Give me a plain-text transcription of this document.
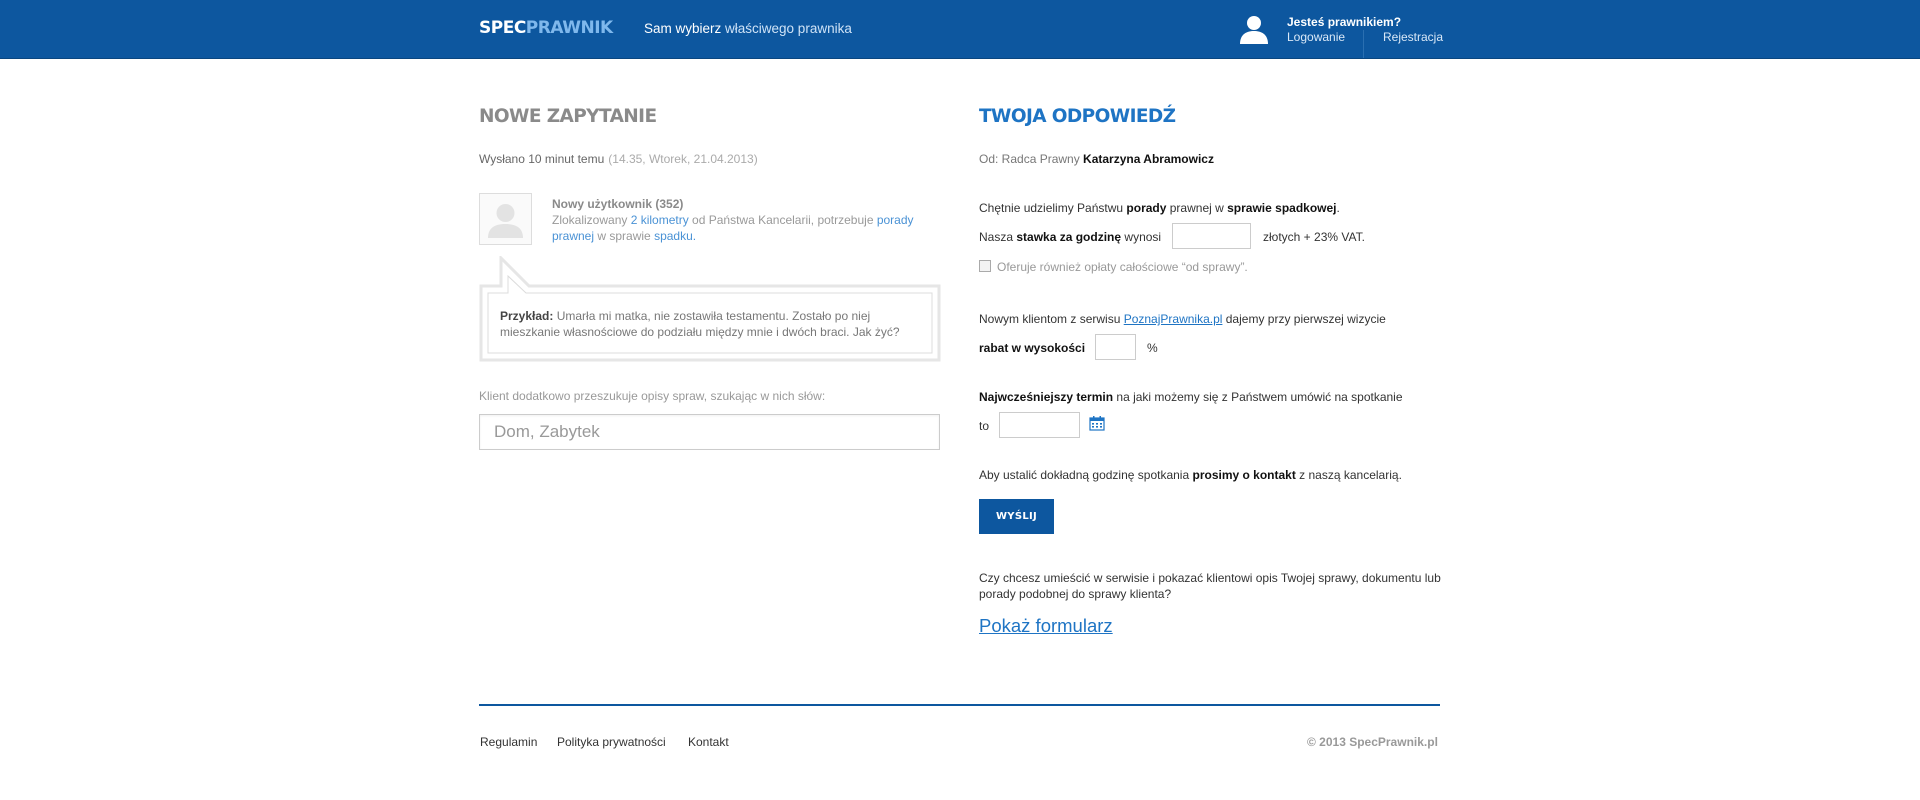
SPECPRAWNIK Sam wybierz właściwego prawnika	Jesteś prawnikiem?
Logowanie	Rejestracja
NOWE ZAPYTANIE
Wysłano 10 minut temu (14.35, Wtorek, 21.04.2013)
Nowy użytkownik (352)
Zlokalizowany 2 kilometry od Państwa Kancelarii, potrzebuje porady prawnej w sprawie spadku.
Przykład: Umarła mi matka, nie zostawiła testamentu. Zostało po niej mieszkanie własnościowe do podziału między mnie i dwóch braci. Jak żyć?
Klient dodatkowo przeszukuje opisy spraw, szukając w nich słów:
Dom, Zabytek
TWOJA ODPOWIEDŹ
Od: Radca Prawny Katarzyna Abramowicz
Chętnie udzielimy Państwu porady prawnej w sprawie spadkowej.
Nasza stawka za godzinę wynosi	złotych + 23% VAT.
Oferuje również opłaty całościowe “od sprawy”.
Nowym klientom z serwisu PoznajPrawnika.pl dajemy przy pierwszej wizycie
rabat w wysokości	%
Najwcześniejszy termin na jaki możemy się z Państwem umówić na spotkanie
to
Aby ustalić dokładną godzinę spotkania prosimy o kontakt z naszą kancelarią.
WYŚLIJ
Czy chcesz umieścić w serwisie i pokazać klientowi opis Twojej sprawy, dokumentu lub porady podobnej do sprawy klienta?
Pokaż formularz
Regulamin Polityka prywatności Kontakt	© 2013 SpecPrawnik.pl
